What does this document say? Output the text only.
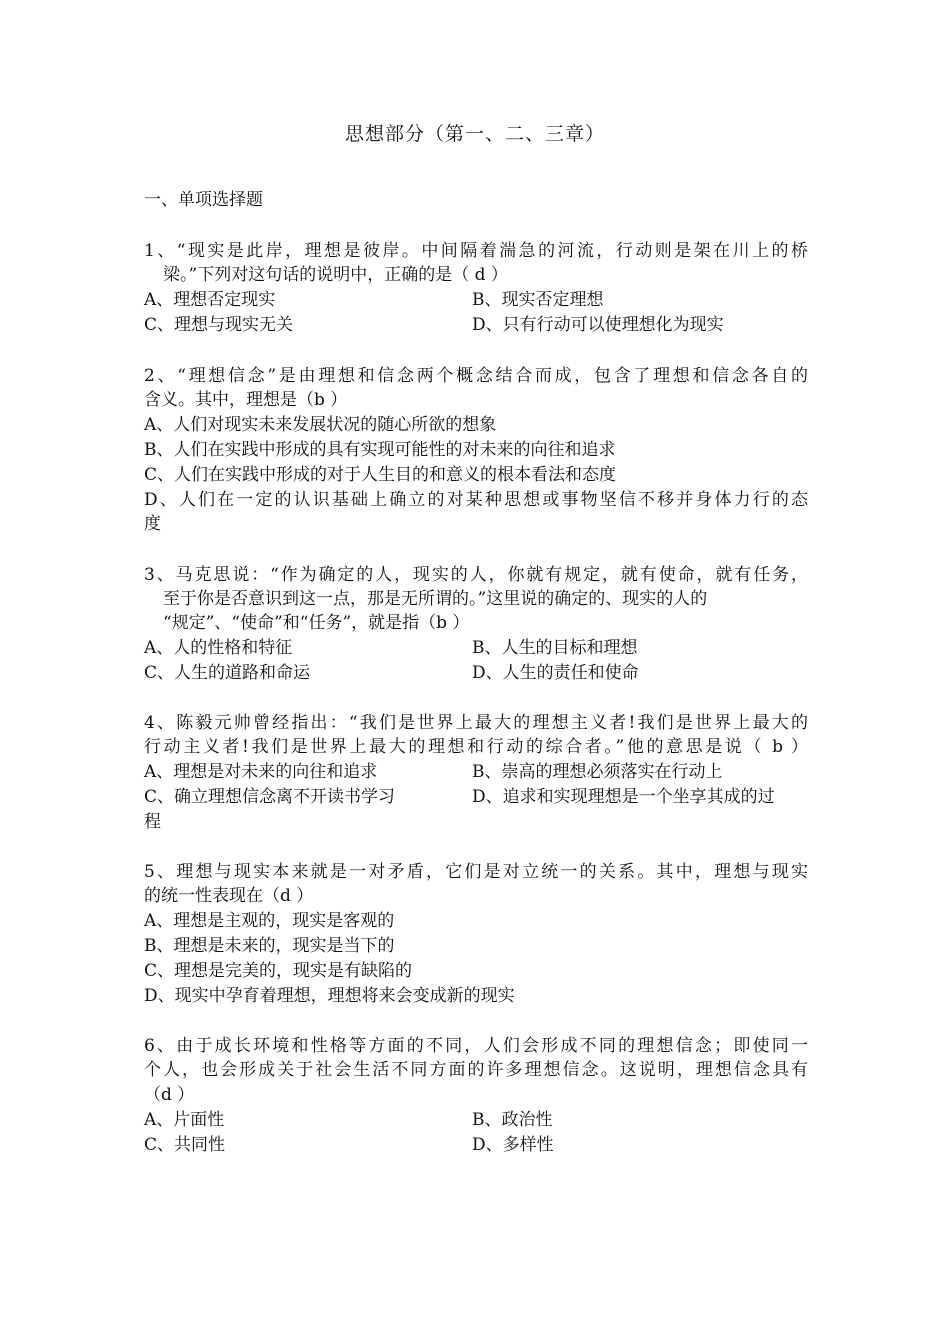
思想部分（第一、二、三章）
一、单项选择题
1、“现实是此岸，理想是彼岸。中间隔着湍急的河流，行动则是架在川上的桥
梁。”下列对这句话的说明中，正确的是（ d ）
A、理想否定现实	B、现实否定理想
C、理想与现实无关	D、只有行动可以使理想化为现实
2、“理想信念”是由理想和信念两个概念结合而成，包含了理想和信念各自的
含义。其中，理想是（b ）
A、人们对现实未来发展状况的随心所欲的想象
B、人们在实践中形成的具有实现可能性的对未来的向往和追求
C、人们在实践中形成的对于人生目的和意义的根本看法和态度
D、人们在一定的认识基础上确立的对某种思想或事物坚信不移并身体力行的态
度
3、马克思说：“作为确定的人，现实的人，你就有规定，就有使命，就有任务，
至于你是否意识到这一点，那是无所谓的。”这里说的确定的、现实的人的
“规定”、“使命”和“任务”，就是指（b ）
A、人的性格和特征	B、人生的目标和理想
C、人生的道路和命运	D、人生的责任和使命
4、陈毅元帅曾经指出：“我们是世界上最大的理想主义者!我们是世界上最大的
行动主义者!我们是世界上最大的理想和行动的综合者。”他的意思是说（ b ）
A、理想是对未来的向往和追求	B、崇高的理想必须落实在行动上
C、确立理想信念离不开读书学习	D、追求和实现理想是一个坐享其成的过
程
5、理想与现实本来就是一对矛盾，它们是对立统一的关系。其中，理想与现实
的统一性表现在（d ）
A、理想是主观的，现实是客观的
B、理想是未来的，现实是当下的
C、理想是完美的，现实是有缺陷的
D、现实中孕育着理想，理想将来会变成新的现实
6、由于成长环境和性格等方面的不同，人们会形成不同的理想信念；即使同一
个人，也会形成关于社会生活不同方面的许多理想信念。这说明，理想信念具有
（d ）
A、片面性	B、政治性
C、共同性	D、多样性
